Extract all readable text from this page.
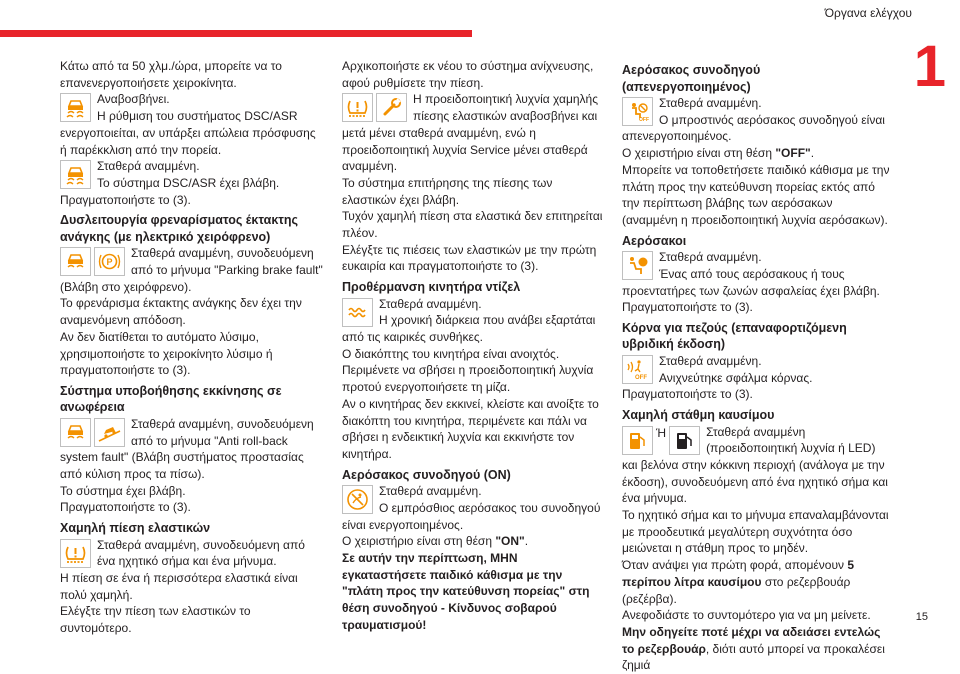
Όργανα ελέγχου
1
15

Κάτω από τα 50 χλμ./ώρα, μπορείτε να το επανενεργοποιήσετε χειροκίνητα.

Αναβοσβήνει.

Η ρύθμιση του συστήματος DSC/ASR ενεργοποιείται, αν υπάρξει απώλεια πρόσφυσης ή παρέκκλιση από την πορεία.

Σταθερά αναμμένη.

Το σύστημα DSC/ASR έχει βλάβη.

Πραγματοποιήστε το (3).

Δυσλειτουργία φρεναρίσματος έκτακτης ανάγκης (με ηλεκτρικό χειρόφρενο)
P

Σταθερά αναμμένη, συνοδευόμενη από το μήνυμα "Parking brake fault" (Βλάβη στο χειρόφρενο).

Το φρενάρισμα έκτακτης ανάγκης δεν έχει την αναμενόμενη απόδοση.

Αν δεν διατίθεται το αυτόματο λύσιμο, χρησιμοποιήστε το χειροκίνητο λύσιμο ή πραγματοποιήστε το (3).

Σύστημα υποβοήθησης εκκίνησης σε ανωφέρεια

Σταθερά αναμμένη, συνοδευόμενη από το μήνυμα "Anti roll-back system fault" (Βλάβη συστήματος προστασίας από κύλιση προς τα πίσω).

Το σύστημα έχει βλάβη.

Πραγματοποιήστε το (3).

Χαμηλή πίεση ελαστικών

Σταθερά αναμμένη, συνοδευόμενη από ένα ηχητικό σήμα και ένα μήνυμα.

Η πίεση σε ένα ή περισσότερα ελαστικά είναι πολύ χαμηλή.

Ελέγξτε την πίεση των ελαστικών το συντομότερο.

Αρχικοποιήστε εκ νέου το σύστημα ανίχνευσης, αφού ρυθμίσετε την πίεση.

Η προειδοποιητική λυχνία χαμηλής πίεσης ελαστικών αναβοσβήνει και μετά μένει σταθερά αναμμένη, ενώ η προειδοποιητική λυχνία Service μένει σταθερά αναμμένη.

Το σύστημα επιτήρησης της πίεσης των ελαστικών έχει βλάβη.

Τυχόν χαμηλή πίεση στα ελαστικά δεν επιτηρείται πλέον.

Ελέγξτε τις πιέσεις των ελαστικών με την πρώτη ευκαιρία και πραγματοποιήστε το (3).

Προθέρμανση κινητήρα ντίζελ

Σταθερά αναμμένη.

Η χρονική διάρκεια που ανάβει εξαρτάται από τις καιρικές συνθήκες.

Ο διακόπτης του κινητήρα είναι ανοιχτός.

Περιμένετε να σβήσει η προειδοποιητική λυχνία προτού ενεργοποιήσετε τη μίζα.

Αν ο κινητήρας δεν εκκινεί, κλείστε και ανοίξτε το διακόπτη του κινητήρα, περιμένετε και πάλι να σβήσει η ενδεικτική λυχνία και εκκινήστε τον κινητήρα.

Αερόσακος συνοδηγού (ON)

Σταθερά αναμμένη.

Ο εμπρόσθιος αερόσακος του συνοδηγού είναι ενεργοποιημένος.

Ο χειριστήριο είναι στη θέση "ON".

Σε αυτήν την περίπτωση, ΜΗΝ εγκαταστήσετε παιδικό κάθισμα με την "πλάτη προς την κατεύθυνση πορείας" στη θέση συνοδηγού - Κίνδυνος σοβαρού τραυματισμού!

Αερόσακος συνοδηγού (απενεργοποιημένος)
OFF

Σταθερά αναμμένη.

Ο μπροστινός αερόσακος συνοδηγού είναι απενεργοποιημένος.

Ο χειριστήριο είναι στη θέση "OFF".

Μπορείτε να τοποθετήσετε παιδικό κάθισμα με την πλάτη προς την κατεύθυνση πορείας εκτός από την περίπτωση βλάβης των αερόσακων (αναμμένη η προειδοποιητική λυχνία αερόσακων).

Αερόσακοι

Σταθερά αναμμένη.

Ένας από τους αερόσακους ή τους προεντατήρες των ζωνών ασφαλείας έχει βλάβη.

Πραγματοποιήστε το (3).

Κόρνα για πεζούς (επαναφορτιζόμενη υβριδική έκδοση)
OFF

Σταθερά αναμμένη.

Ανιχνεύτηκε σφάλμα κόρνας.

Πραγματοποιήστε το (3).

Χαμηλή στάθμη καυσίμου
Ή	Σταθερά αναμμένη (προειδοποιητική λυχνία ή LED) και βελόνα στην κόκκινη περιοχή (ανάλογα με την έκδοση), συνοδευόμενη από ένα ηχητικό σήμα και ένα μήνυμα.

Το ηχητικό σήμα και το μήνυμα επαναλαμβάνονται με προοδευτικά μεγαλύτερη συχνότητα όσο μειώνεται η στάθμη προς το μηδέν.

Όταν ανάψει για πρώτη φορά, απομένουν 5 περίπου λίτρα καυσίμου στο ρεζερβουάρ (ρεζέρβα).

Ανεφοδιάστε το συντομότερο για να μη μείνετε.

Μην οδηγείτε ποτέ μέχρι να αδειάσει εντελώς το ρεζερβουάρ, διότι αυτό μπορεί να προκαλέσει ζημιά
